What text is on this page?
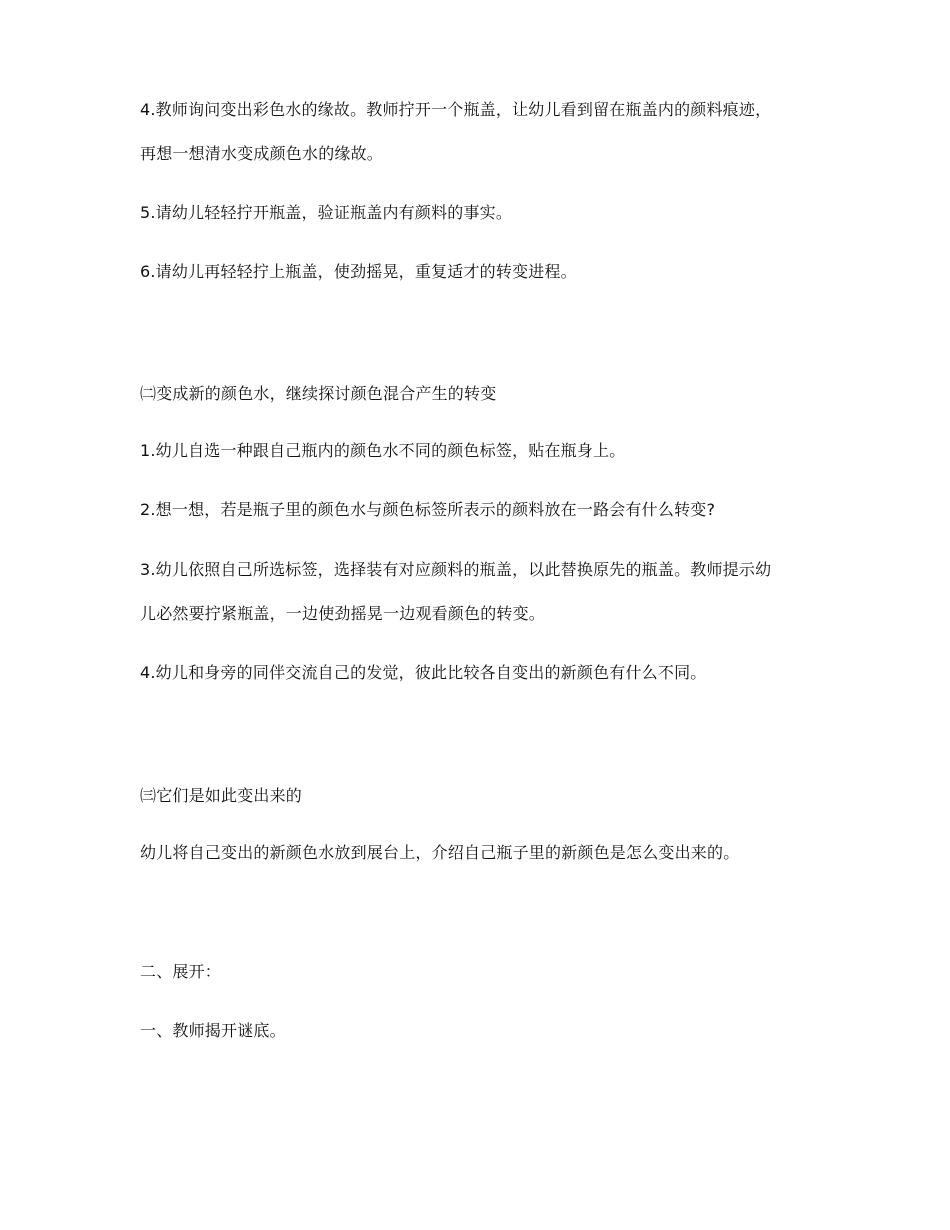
4.教师询问变出彩色水的缘故。教师拧开一个瓶盖，让幼儿看到留在瓶盖内的颜料痕迹，
再想一想清水变成颜色水的缘故。
5.请幼儿轻轻拧开瓶盖，验证瓶盖内有颜料的事实。
6.请幼儿再轻轻拧上瓶盖，使劲摇晃，重复适才的转变进程。
㈡变成新的颜色水，继续探讨颜色混合产生的转变
1.幼儿自选一种跟自己瓶内的颜色水不同的颜色标签，贴在瓶身上。
2.想一想，若是瓶子里的颜色水与颜色标签所表示的颜料放在一路会有什么转变?
3.幼儿依照自己所选标签，选择装有对应颜料的瓶盖，以此替换原先的瓶盖。教师提示幼
儿必然要拧紧瓶盖，一边使劲摇晃一边观看颜色的转变。
4.幼儿和身旁的同伴交流自己的发觉，彼此比较各自变出的新颜色有什么不同。
㈢它们是如此变出来的
幼儿将自己变出的新颜色水放到展台上，介绍自己瓶子里的新颜色是怎么变出来的。
二、展开：
一、教师揭开谜底。
